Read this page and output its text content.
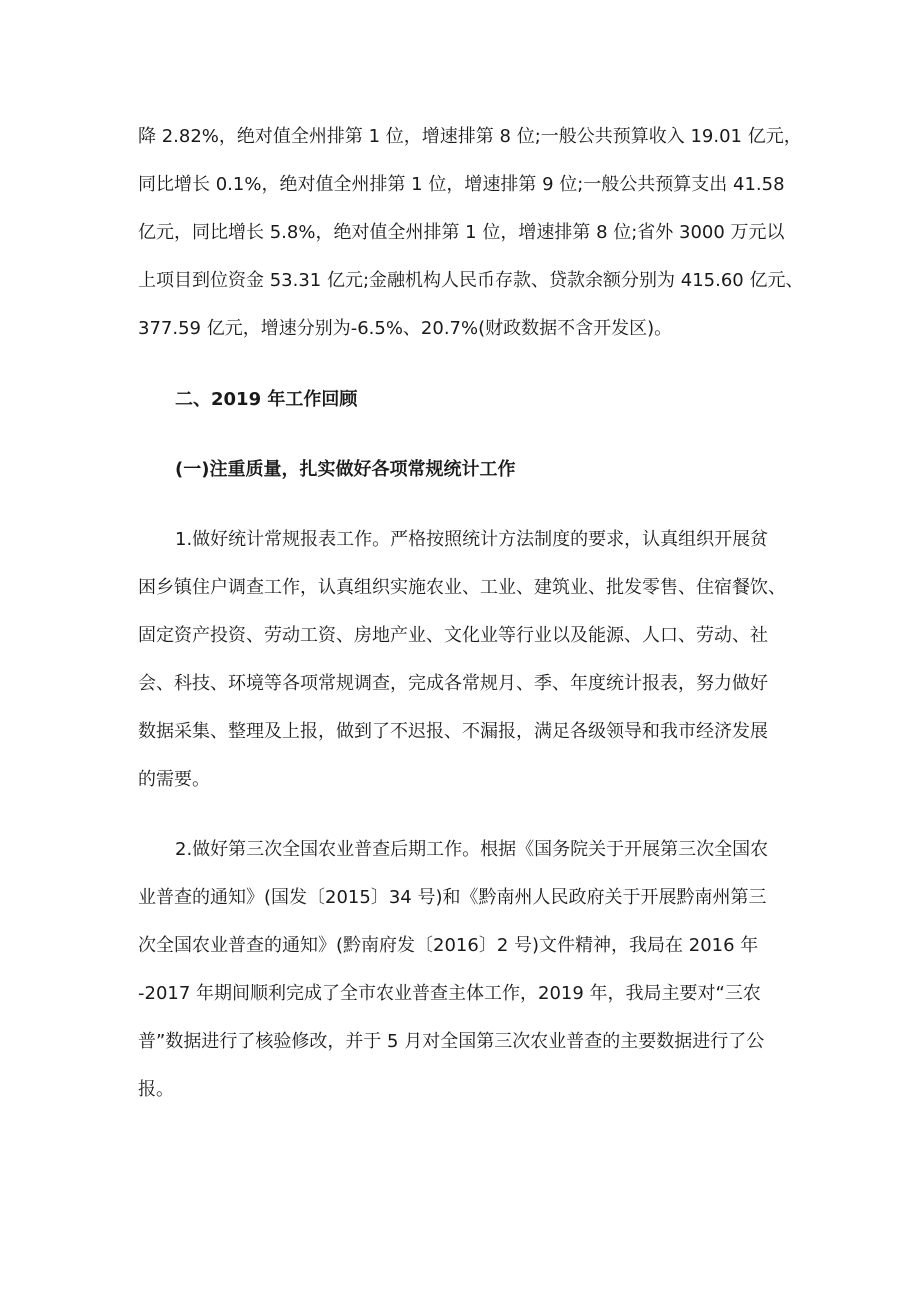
降 2.82%，绝对值全州排第 1 位，增速排第 8 位;一般公共预算收入 19.01 亿元，
同比增长 0.1%，绝对值全州排第 1 位，增速排第 9 位;一般公共预算支出 41.58
亿元，同比增长 5.8%，绝对值全州排第 1 位，增速排第 8 位;省外 3000 万元以
上项目到位资金 53.31 亿元;金融机构人民币存款、贷款余额分别为 415.60 亿元、
377.59 亿元，增速分别为-6.5%、20.7%(财政数据不含开发区)。
二、2019 年工作回顾
(一)注重质量，扎实做好各项常规统计工作
1.做好统计常规报表工作。严格按照统计方法制度的要求，认真组织开展贫
困乡镇住户调查工作，认真组织实施农业、工业、建筑业、批发零售、住宿餐饮、
固定资产投资、劳动工资、房地产业、文化业等行业以及能源、人口、劳动、社
会、科技、环境等各项常规调查，完成各常规月、季、年度统计报表，努力做好
数据采集、整理及上报，做到了不迟报、不漏报，满足各级领导和我市经济发展
的需要。
2.做好第三次全国农业普查后期工作。根据《国务院关于开展第三次全国农
业普查的通知》(国发〔2015〕34 号)和《黔南州人民政府关于开展黔南州第三
次全国农业普查的通知》(黔南府发〔2016〕2 号)文件精神，我局在 2016 年
-2017 年期间顺利完成了全市农业普查主体工作，2019 年，我局主要对“三农
普”数据进行了核验修改，并于 5 月对全国第三次农业普查的主要数据进行了公
报。
